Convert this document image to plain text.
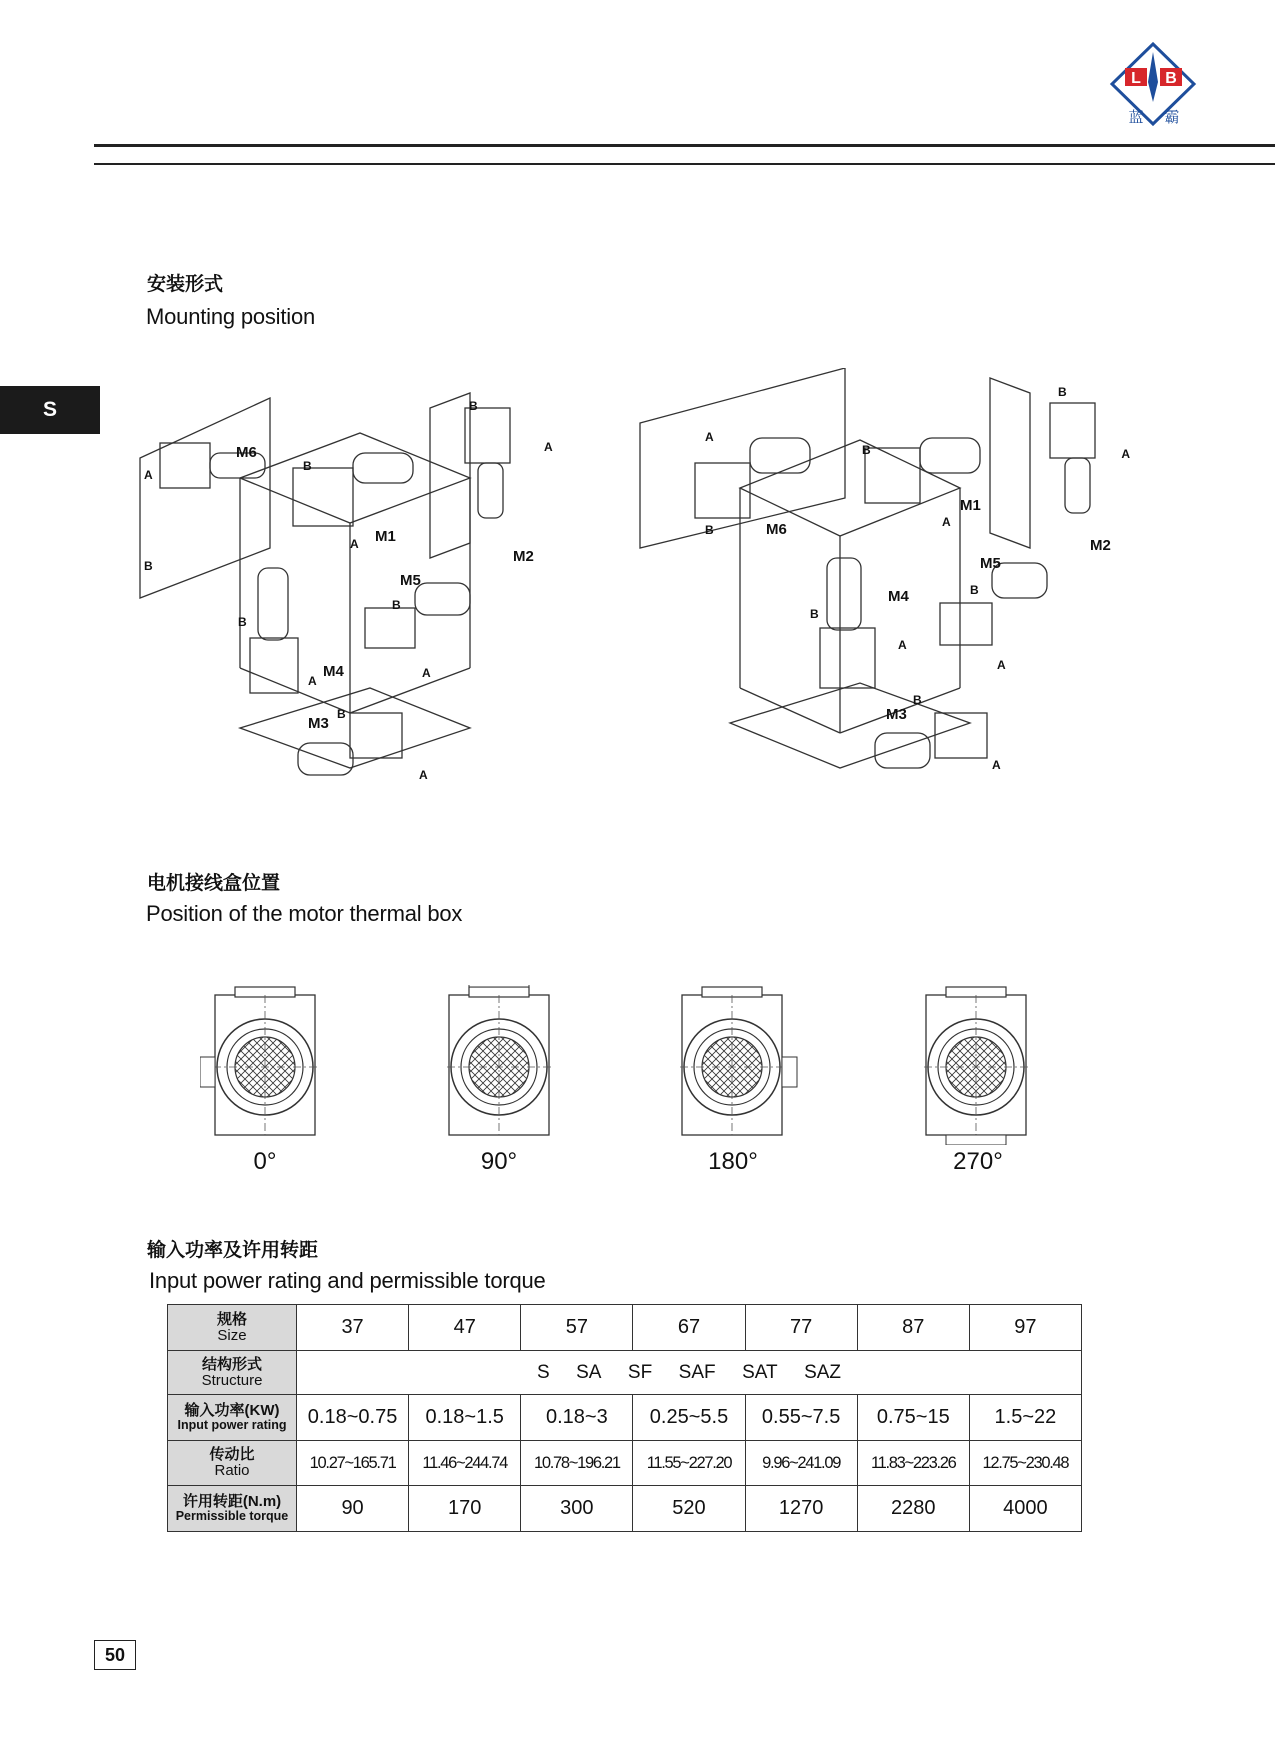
L B
蓝 霸
S
安装形式
Mounting position
M6
M1
M2
M5
M4
M3
M6
M1
M2
M5
M4
M3
A
B
B
A
B
A
B
A
B
A
B
A
A
B
B
A
B
A
B
A
B
A
B
A
电机接线盒位置
Position of the motor thermal box
0°	90°	180°	270°
输入功率及许用转距
Input power rating and permissible torque
规格
Size	37	47	57	67	77	87	97

结构形式
Structure	S SA SF SAF SAT SAZ						

输入功率(KW)
Input power rating	0.18~0.75	0.18~1.5	0.18~3	0.25~5.5	0.55~7.5	0.75~15	1.5~22

传动比
Ratio	10.27~165.71	11.46~244.74	10.78~196.21	11.55~227.20	9.96~241.09	11.83~223.26	12.75~230.48

许用转距(N.m)
Permissible torque	90	170	300	520	1270	2280	4000
50
